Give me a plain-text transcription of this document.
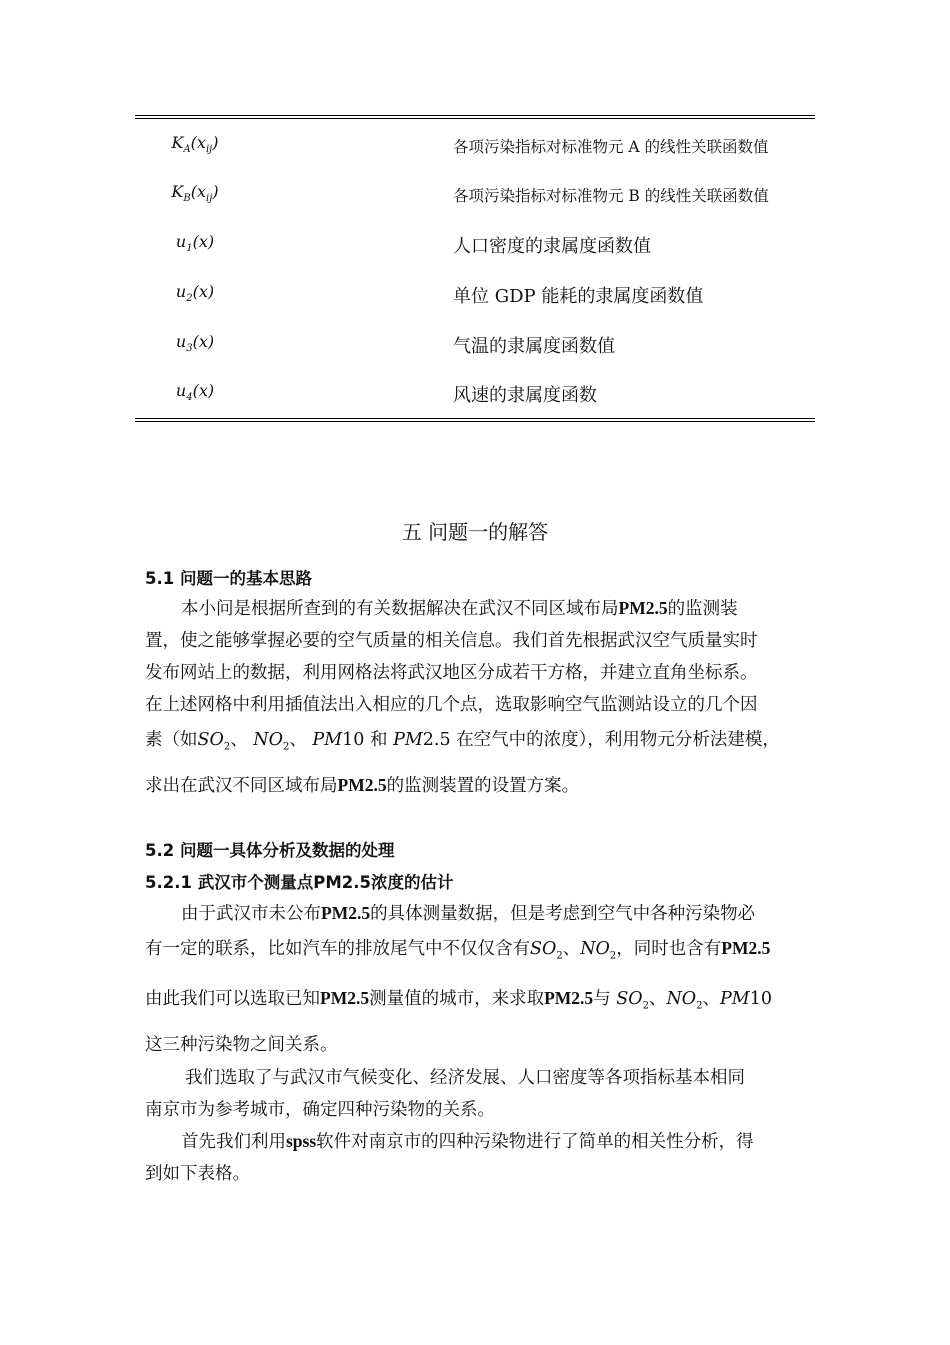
$K_A(x_{ij})$	各项污染指标对标准物元 A 的线性关联函数值
$K_B(x_{ij})$	各项污染指标对标准物元 B 的线性关联函数值
$u_1(x)$	人口密度的隶属度函数值
$u_2(x)$	单位 GDP 能耗的隶属度函数值
$u_3(x)$	气温的隶属度函数值
$u_4(x)$	风速的隶属度函数
五 问题一的解答
5.1 问题一的基本思路
本小问是根据所查到的有关数据解决在武汉不同区域布局PM2.5的监测装
置，使之能够掌握必要的空气质量的相关信息。我们首先根据武汉空气质量实时
发布网站上的数据，利用网格法将武汉地区分成若干方格，并建立直角坐标系。
在上述网格中利用插值法出入相应的几个点，选取影响空气监测站设立的几个因
素（如$SO_2$、 $NO_2$、 PM10 和 PM2.5 在空气中的浓度），利用物元分析法建模，
求出在武汉不同区域布局PM2.5的监测装置的设置方案。
5.2 问题一具体分析及数据的处理
5.2.1 武汉市个测量点PM2.5浓度的估计
由于武汉市未公布PM2.5的具体测量数据，但是考虑到空气中各种污染物必
有一定的联系，比如汽车的排放尾气中不仅仅含有$SO_2$、$NO_2$，同时也含有PM2.5
由此我们可以选取已知PM2.5测量值的城市，来求取PM2.5与 $SO_2$、$NO_2$、PM10
这三种污染物之间关系。
我们选取了与武汉市气候变化、经济发展、人口密度等各项指标基本相同
南京市为参考城市，确定四种污染物的关系。
首先我们利用spss软件对南京市的四种污染物进行了简单的相关性分析，得
到如下表格。
